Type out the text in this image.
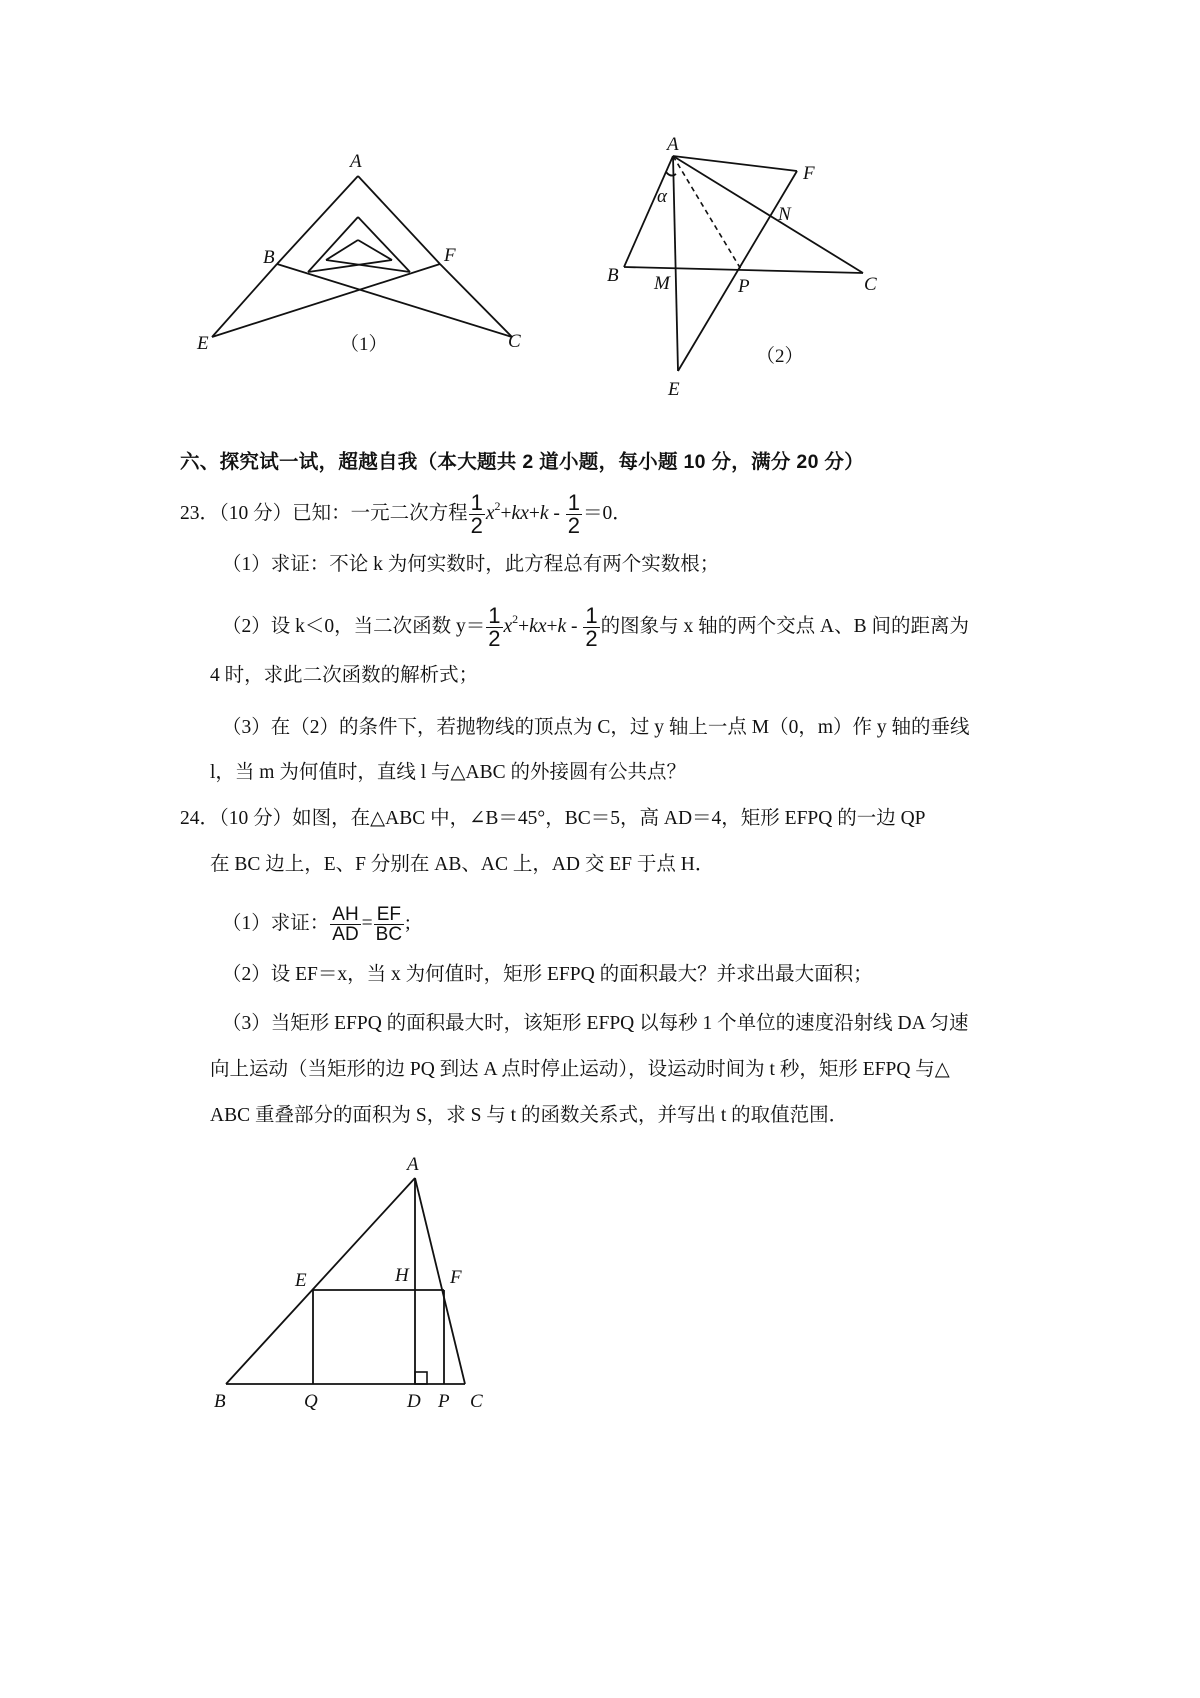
A
B	F
E	C
（1）
A
F
N
α
B M	P	C
E
（2）
六、探究试一试，超越自我（本大题共 2 道小题，每小题 10 分，满分 20 分）
23．（10 分）已知：一元二次方程 $\frac{1}{2} x^2+kx+k - \frac{1}{2} =0$．
（1）求证：不论 k 为何实数时，此方程总有两个实数根；
（2）设 k＜0，当二次函数 $y= \frac{1}{2} x^2+kx+k - \frac{1}{2}$ 的图象与 x 轴的两个交点 A、B 间的距离为
4 时，求此二次函数的解析式；
（3）在（2）的条件下，若抛物线的顶点为 C，过 y 轴上一点 M（0，m）作 y 轴的垂线
l，当 m 为何值时，直线 l 与△ABC 的外接圆有公共点？
24．（10 分）如图，在△ABC 中，∠B＝45°，BC＝5，高 AD＝4，矩形 EFPQ 的一边 QP
在 BC 边上，E、F 分别在 AB、AC 上，AD 交 EF 于点 H．
（1）求证： $\frac{AH}{AD} = \frac{EF}{BC}$ ;
（2）设 EF＝x，当 x 为何值时，矩形 EFPQ 的面积最大？并求出最大面积；
（3）当矩形 EFPQ 的面积最大时，该矩形 EFPQ 以每秒 1 个单位的速度沿射线 DA 匀速
向上运动（当矩形的边 PQ 到达 A 点时停止运动），设运动时间为 t 秒，矩形 EFPQ 与△
ABC 重叠部分的面积为 S，求 S 与 t 的函数关系式，并写出 t 的取值范围．
A
E	H F
B	Q	D P C
